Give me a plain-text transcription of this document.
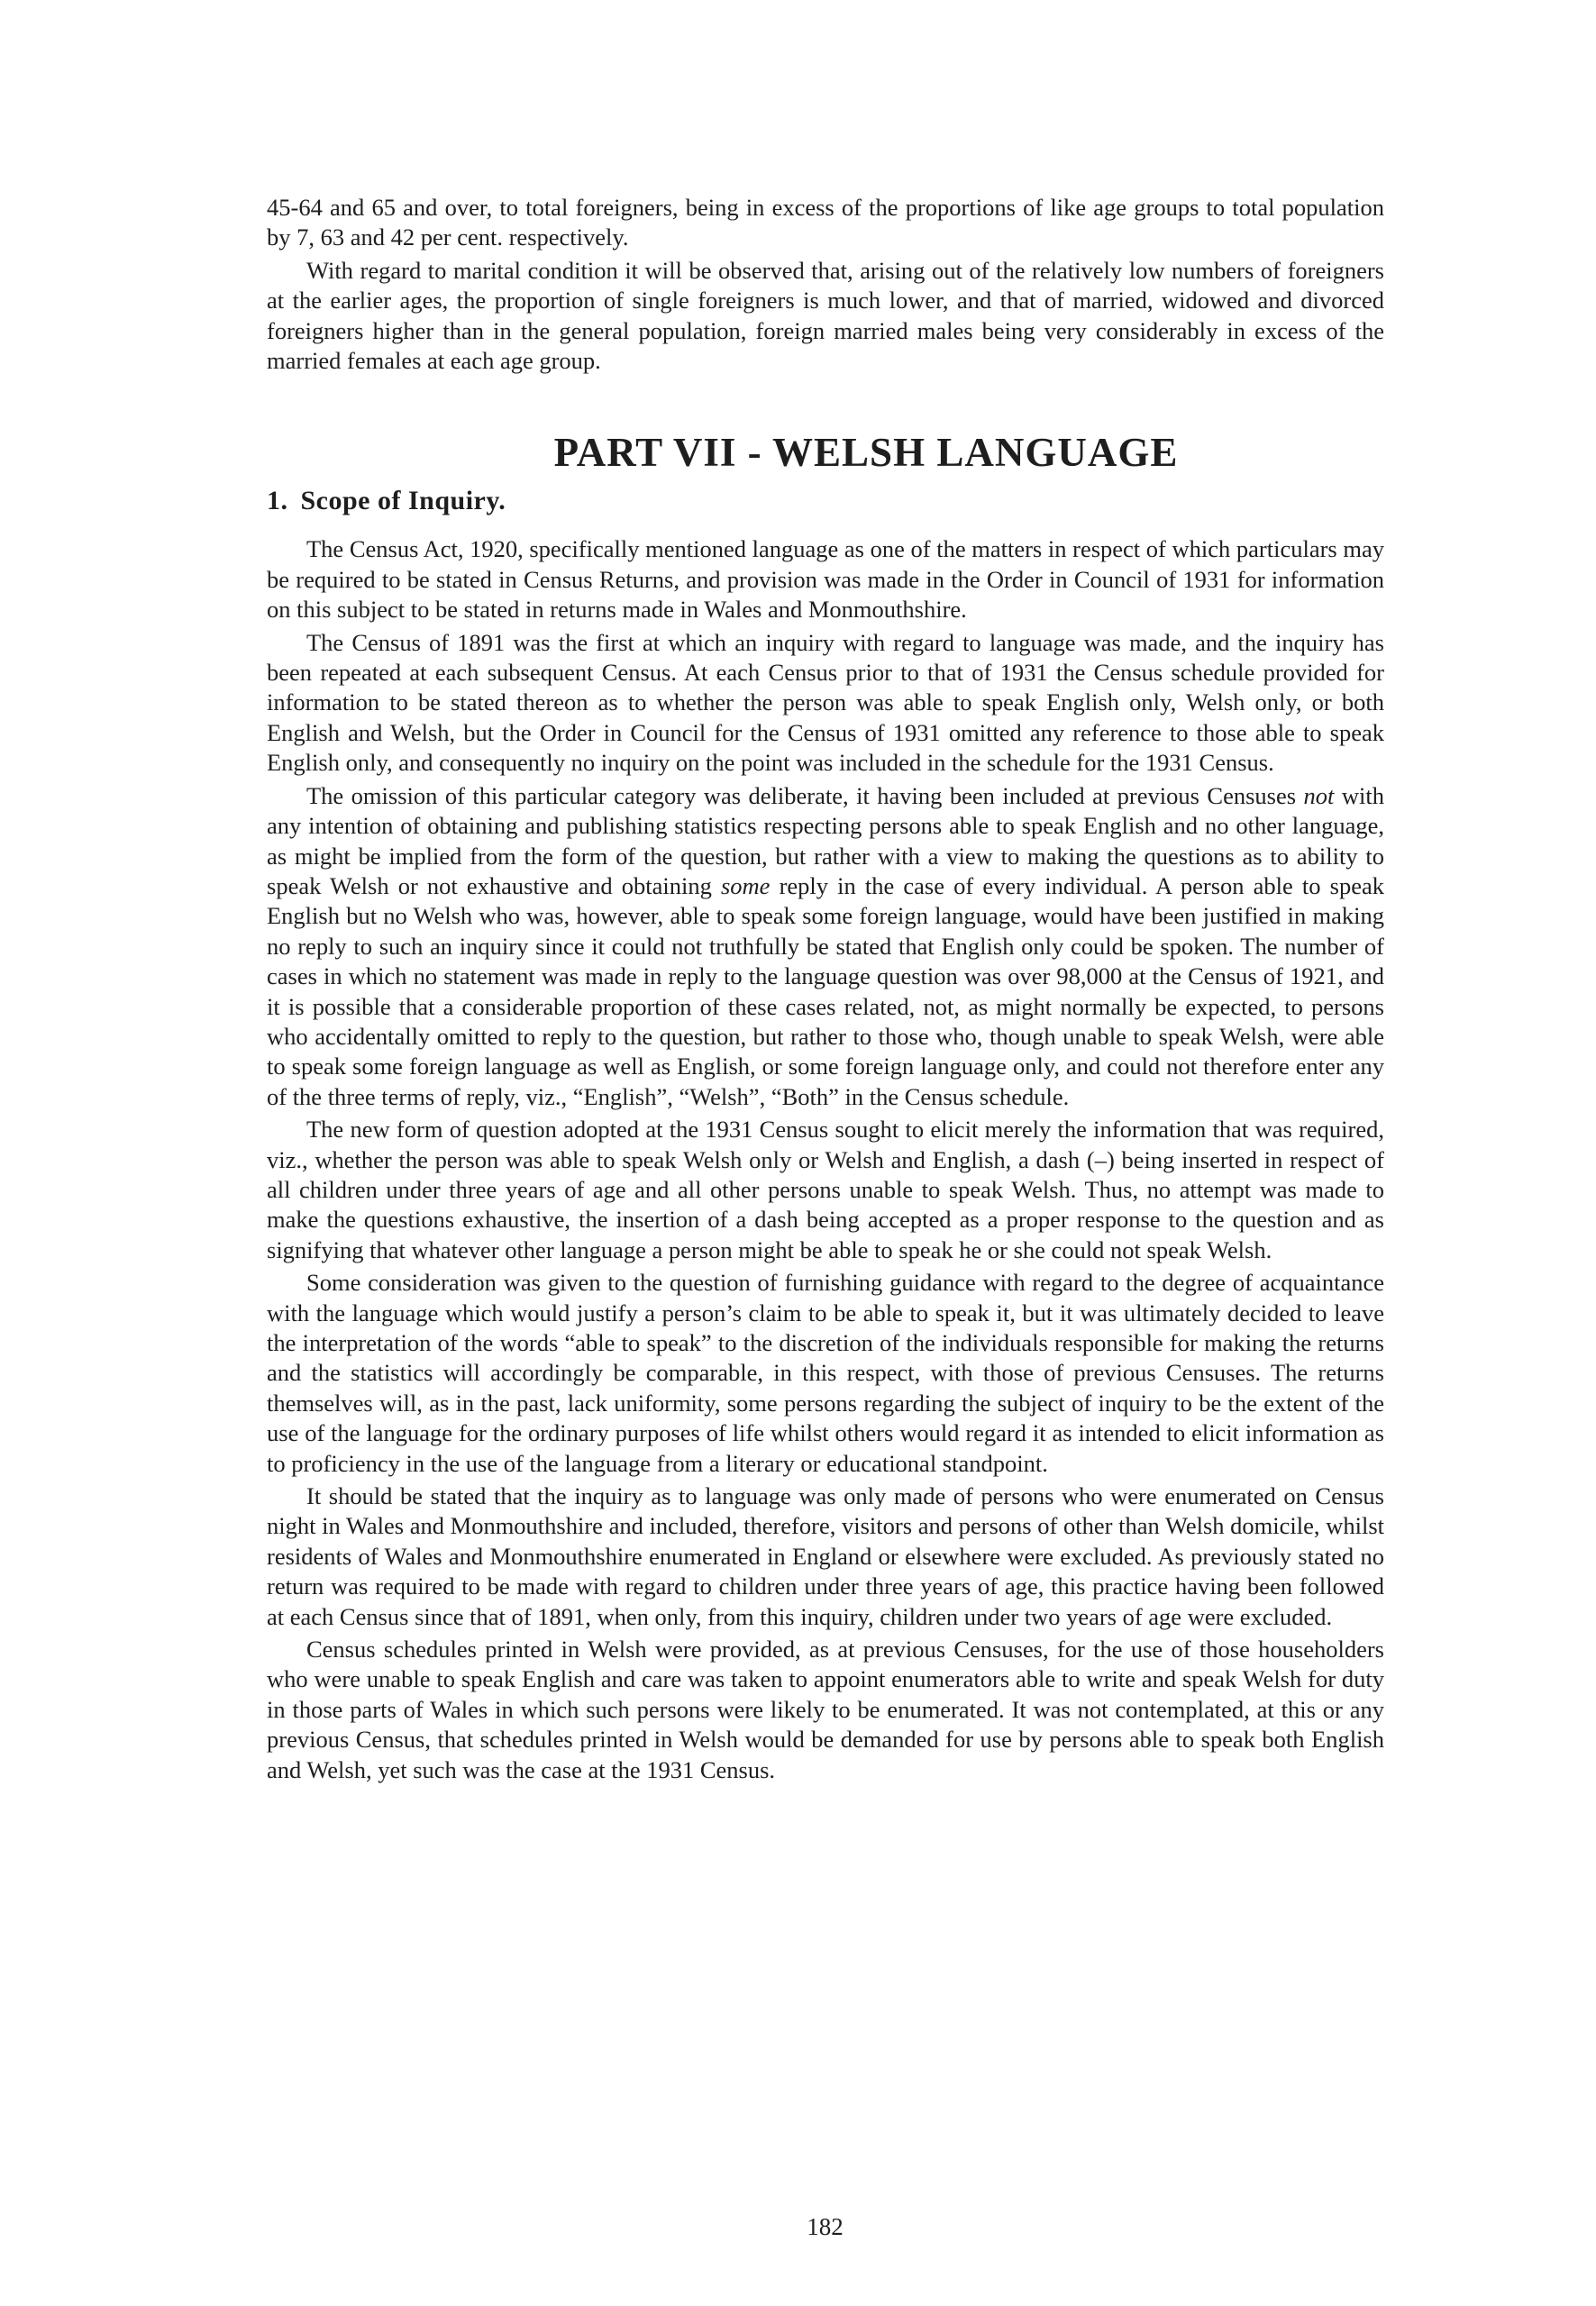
45-64 and 65 and over, to total foreigners, being in excess of the proportions of like age groups to total population by 7, 63 and 42 per cent. respectively.

With regard to marital condition it will be observed that, arising out of the relatively low numbers of foreigners at the earlier ages, the proportion of single foreigners is much lower, and that of married, widowed and divorced foreigners higher than in the general population, foreign married males being very considerably in excess of the married females at each age group.

PART VII - WELSH LANGUAGE
1. Scope of Inquiry.

The Census Act, 1920, specifically mentioned language as one of the matters in respect of which particulars may be required to be stated in Census Returns, and provision was made in the Order in Council of 1931 for information on this subject to be stated in returns made in Wales and Monmouthshire.

The Census of 1891 was the first at which an inquiry with regard to language was made, and the inquiry has been repeated at each subsequent Census. At each Census prior to that of 1931 the Census schedule provided for information to be stated thereon as to whether the person was able to speak English only, Welsh only, or both English and Welsh, but the Order in Council for the Census of 1931 omitted any reference to those able to speak English only, and consequently no inquiry on the point was included in the schedule for the 1931 Census.

The omission of this particular category was deliberate, it having been included at previous Censuses not with any intention of obtaining and publishing statistics respecting persons able to speak English and no other language, as might be implied from the form of the question, but rather with a view to making the questions as to ability to speak Welsh or not exhaustive and obtaining some reply in the case of every individual. A person able to speak English but no Welsh who was, however, able to speak some foreign language, would have been justified in making no reply to such an inquiry since it could not truthfully be stated that English only could be spoken. The number of cases in which no statement was made in reply to the language question was over 98,000 at the Census of 1921, and it is possible that a considerable proportion of these cases related, not, as might normally be expected, to persons who accidentally omitted to reply to the question, but rather to those who, though unable to speak Welsh, were able to speak some foreign language as well as English, or some foreign language only, and could not therefore enter any of the three terms of reply, viz., “English”, “Welsh”, “Both” in the Census schedule.

The new form of question adopted at the 1931 Census sought to elicit merely the information that was required, viz., whether the person was able to speak Welsh only or Welsh and English, a dash (–) being inserted in respect of all children under three years of age and all other persons unable to speak Welsh. Thus, no attempt was made to make the questions exhaustive, the insertion of a dash being accepted as a proper response to the question and as signifying that whatever other language a person might be able to speak he or she could not speak Welsh.

Some consideration was given to the question of furnishing guidance with regard to the degree of acquaintance with the language which would justify a person’s claim to be able to speak it, but it was ultimately decided to leave the interpretation of the words “able to speak” to the discretion of the individuals responsible for making the returns and the statistics will accordingly be comparable, in this respect, with those of previous Censuses. The returns themselves will, as in the past, lack uniformity, some persons regarding the subject of inquiry to be the extent of the use of the language for the ordinary purposes of life whilst others would regard it as intended to elicit information as to proficiency in the use of the language from a literary or educational standpoint.

It should be stated that the inquiry as to language was only made of persons who were enumerated on Census night in Wales and Monmouthshire and included, therefore, visitors and persons of other than Welsh domicile, whilst residents of Wales and Monmouthshire enumerated in England or elsewhere were excluded. As previously stated no return was required to be made with regard to children under three years of age, this practice having been followed at each Census since that of 1891, when only, from this inquiry, children under two years of age were excluded.

Census schedules printed in Welsh were provided, as at previous Censuses, for the use of those householders who were unable to speak English and care was taken to appoint enumerators able to write and speak Welsh for duty in those parts of Wales in which such persons were likely to be enumerated. It was not contemplated, at this or any previous Census, that schedules printed in Welsh would be demanded for use by persons able to speak both English and Welsh, yet such was the case at the 1931 Census.

182
